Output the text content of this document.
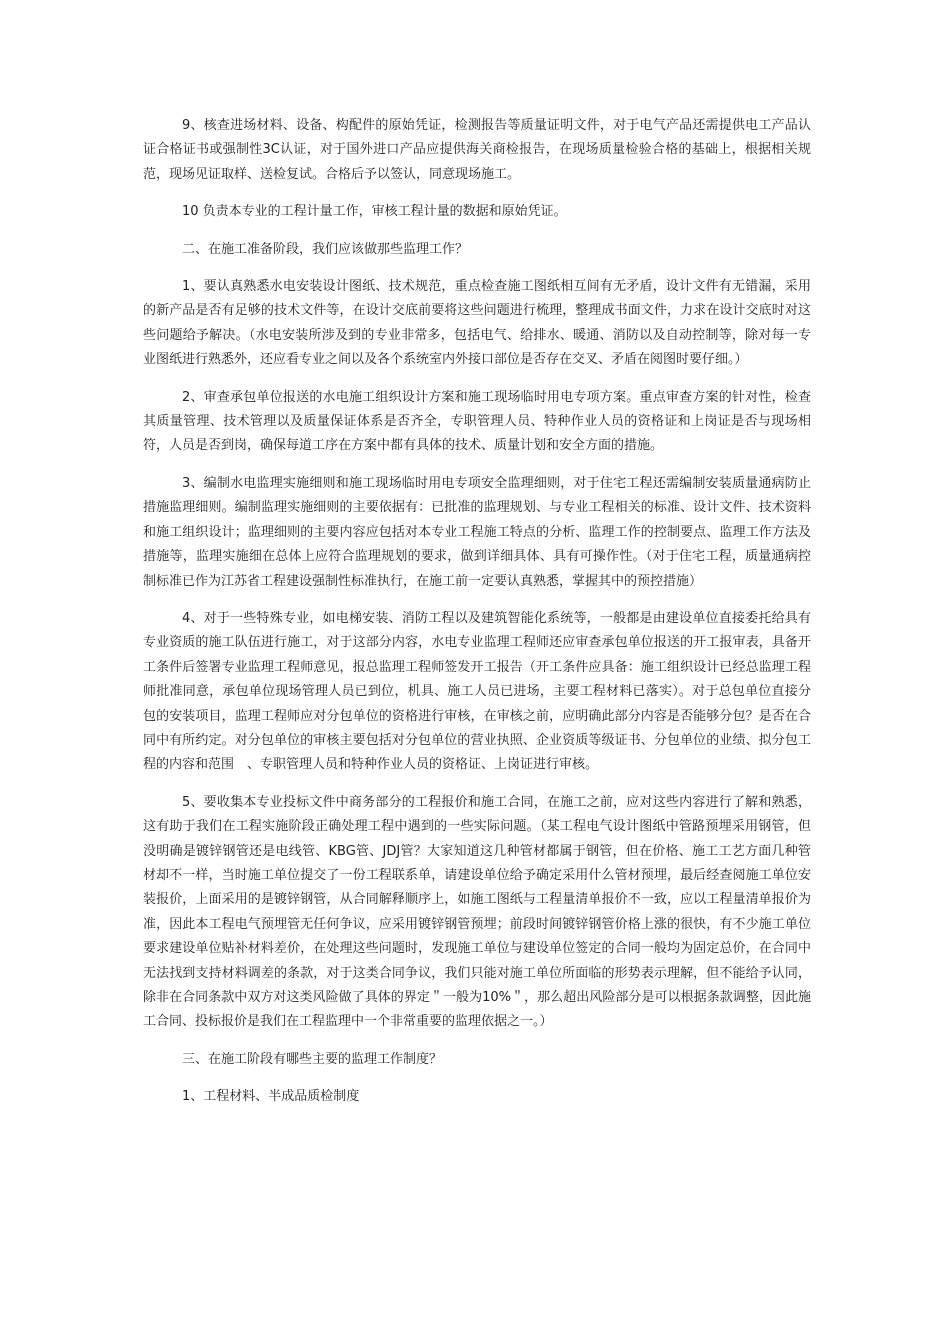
9、核查进场材料、设备、构配件的原始凭证，检测报告等质量证明文件，对于电气产品还需提供电工产品认证合格证书或强制性3C认证，对于国外进口产品应提供海关商检报告，在现场质量检验合格的基础上，根据相关规范，现场见证取样、送检复试。合格后予以签认，同意现场施工。

10 负责本专业的工程计量工作，审核工程计量的数据和原始凭证。

二、在施工准备阶段，我们应该做那些监理工作？

1、要认真熟悉水电安装设计图纸、技术规范，重点检查施工图纸相互间有无矛盾，设计文件有无错漏，采用的新产品是否有足够的技术文件等，在设计交底前要将这些问题进行梳理，整理成书面文件，力求在设计交底时对这些问题给予解决。（水电安装所涉及到的专业非常多，包括电气、给排水、暖通、消防以及自动控制等，除对每一专业图纸进行熟悉外，还应看专业之间以及各个系统室内外接口部位是否存在交叉、矛盾在阅图时要仔细。）

2、审查承包单位报送的水电施工组织设计方案和施工现场临时用电专项方案。重点审查方案的针对性，检查其质量管理、技术管理以及质量保证体系是否齐全，专职管理人员、特种作业人员的资格证和上岗证是否与现场相符，人员是否到岗，确保每道工序在方案中都有具体的技术、质量计划和安全方面的措施。

3、编制水电监理实施细则和施工现场临时用电专项安全监理细则，对于住宅工程还需编制安装质量通病防止措施监理细则。编制监理实施细则的主要依据有：已批准的监理规划、与专业工程相关的标准、设计文件、技术资料和施工组织设计；监理细则的主要内容应包括对本专业工程施工特点的分析、监理工作的控制要点、监理工作方法及措施等，监理实施细在总体上应符合监理规划的要求，做到详细具体、具有可操作性。（对于住宅工程，质量通病控制标准已作为江苏省工程建设强制性标准执行，在施工前一定要认真熟悉，掌握其中的预控措施）

4、对于一些特殊专业，如电梯安装、消防工程以及建筑智能化系统等，一般都是由建设单位直接委托给具有专业资质的施工队伍进行施工，对于这部分内容，水电专业监理工程师还应审查承包单位报送的开工报审表，具备开工条件后签署专业监理工程师意见，报总监理工程师签发开工报告（开工条件应具备：施工组织设计已经总监理工程师批准同意，承包单位现场管理人员已到位，机具、施工人员已进场，主要工程材料已落实）。对于总包单位直接分包的安装项目，监理工程师应对分包单位的资格进行审核，在审核之前，应明确此部分内容是否能够分包？是否在合同中有所约定。对分包单位的审核主要包括对分包单位的营业执照、企业资质等级证书、分包单位的业绩、拟分包工程的内容和范围　、专职管理人员和特种作业人员的资格证、上岗证进行审核。

5、要收集本专业投标文件中商务部分的工程报价和施工合同，在施工之前，应对这些内容进行了解和熟悉，这有助于我们在工程实施阶段正确处理工程中遇到的一些实际问题。（某工程电气设计图纸中管路预埋采用钢管，但没明确是镀锌钢管还是电线管、KBG管、JDJ管？大家知道这几种管材都属于钢管，但在价格、施工工艺方面几种管材却不一样，当时施工单位提交了一份工程联系单，请建设单位给予确定采用什么管材预埋，最后经查阅施工单位安装报价，上面采用的是镀锌钢管，从合同解释顺序上，如施工图纸与工程量清单报价不一致，应以工程量清单报价为准，因此本工程电气预埋管无任何争议，应采用镀锌钢管预埋；前段时间镀锌钢管价格上涨的很快，有不少施工单位要求建设单位贴补材料差价，在处理这些问题时，发现施工单位与建设单位签定的合同一般均为固定总价，在合同中无法找到支持材料调差的条款，对于这类合同争议，我们只能对施工单位所面临的形势表示理解，但不能给予认同，除非在合同条款中双方对这类风险做了具体的界定＂一般为10%＂，那么超出风险部分是可以根据条款调整，因此施工合同、投标报价是我们在工程监理中一个非常重要的监理依据之一。）

三、在施工阶段有哪些主要的监理工作制度？

1、工程材料、半成品质检制度
